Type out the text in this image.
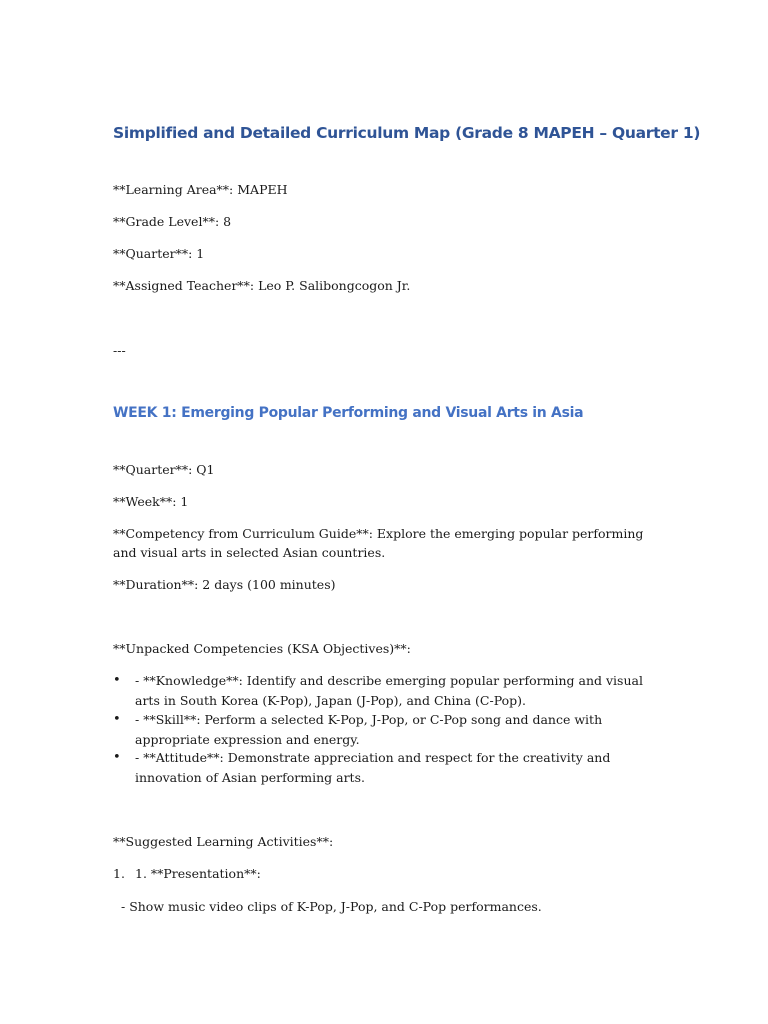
Simplified and Detailed Curriculum Map (Grade 8 MAPEH – Quarter 1)
**Learning Area**: MAPEH
**Grade Level**: 8
**Quarter**: 1
**Assigned Teacher**: Leo P. Salibongcogon Jr.
---
WEEK 1: Emerging Popular Performing and Visual Arts in Asia
**Quarter**: Q1
**Week**: 1
**Competency from Curriculum Guide**: Explore the emerging popular performing and visual arts in selected Asian countries.
**Duration**: 2 days (100 minutes)
**Unpacked Competencies (KSA Objectives)**:
•	- **Knowledge**: Identify and describe emerging popular performing and visual arts in South Korea (K-Pop), Japan (J-Pop), and China (C-Pop).
•	- **Skill**: Perform a selected K-Pop, J-Pop, or C-Pop song and dance with appropriate expression and energy.
•	- **Attitude**: Demonstrate appreciation and respect for the creativity and innovation of Asian performing arts.
**Suggested Learning Activities**:
1. 1. **Presentation**:
- Show music video clips of K-Pop, J-Pop, and C-Pop performances.
